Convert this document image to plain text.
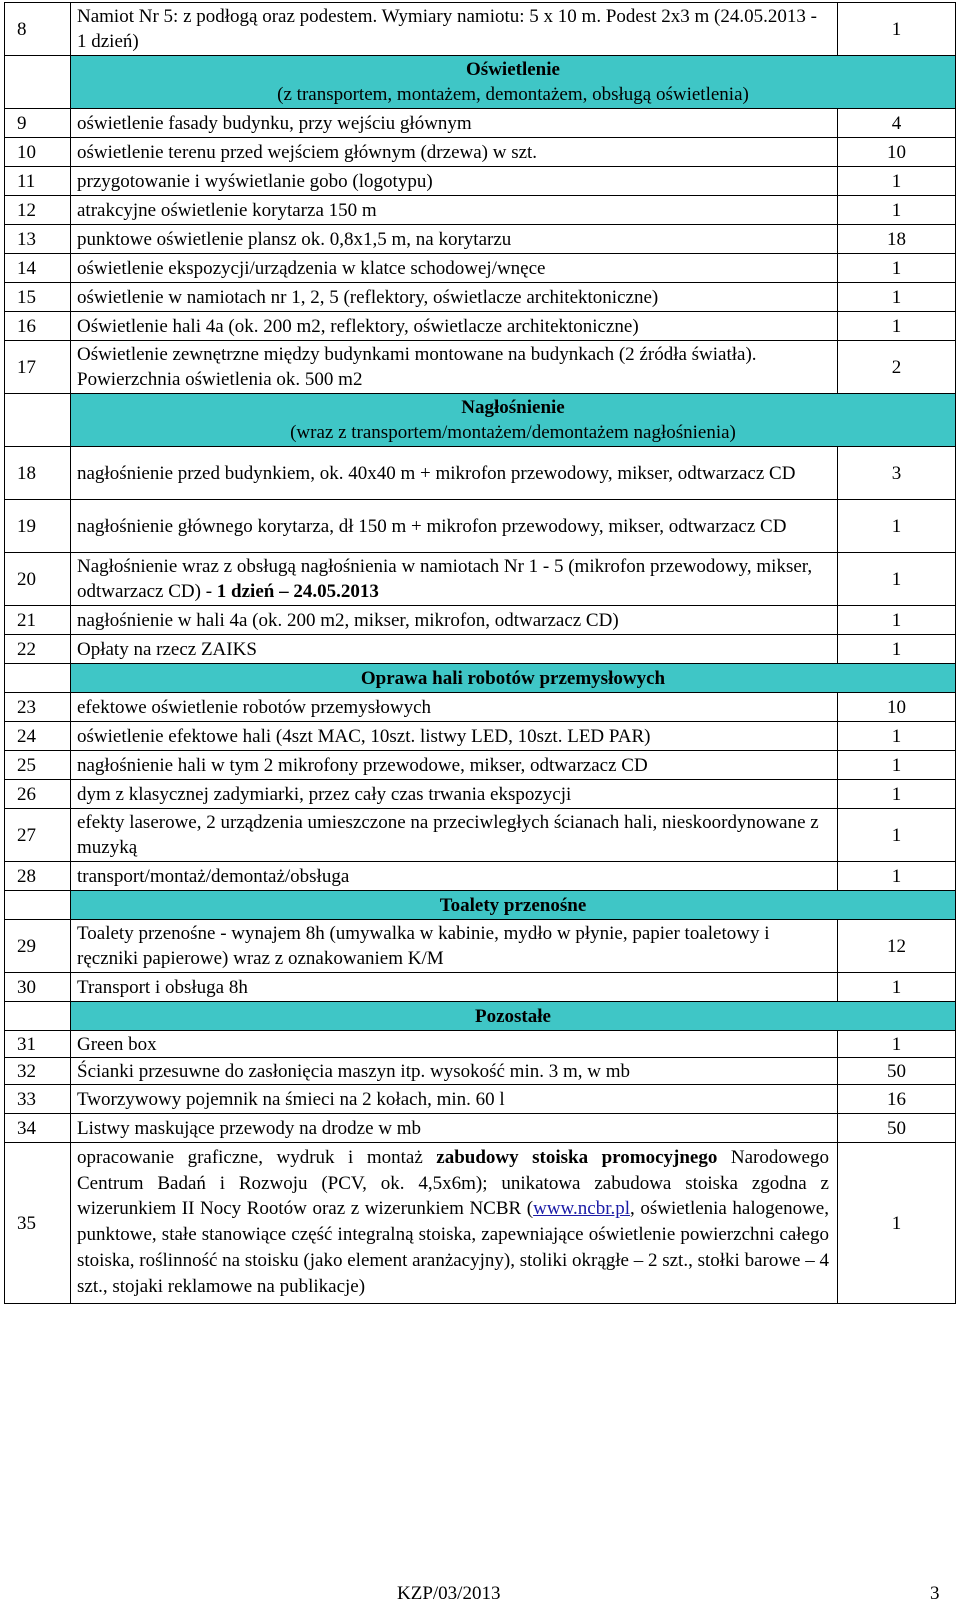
8	Namiot Nr 5: z podłogą oraz podestem. Wymiary namiotu: 5 x 10 m. Podest 2x3 m (24.05.2013 - 1 dzień)	1

	Oświetlenie
(z transportem, montażem, demontażem, obsługą oświetlenia)	

9	oświetlenie fasady budynku, przy wejściu głównym	4
10	oświetlenie terenu przed wejściem głównym (drzewa) w szt.	10
11	przygotowanie i wyświetlanie gobo (logotypu)	1
12	atrakcyjne oświetlenie korytarza 150 m	1
13	punktowe oświetlenie plansz ok. 0,8x1,5 m, na korytarzu	18
14	oświetlenie ekspozycji/urządzenia w klatce schodowej/wnęce	1
15	oświetlenie w namiotach nr 1, 2, 5 (reflektory, oświetlacze architektoniczne)	1
16	Oświetlenie hali 4a (ok. 200 m2, reflektory, oświetlacze architektoniczne)	1
17	Oświetlenie zewnętrzne między budynkami montowane na budynkach (2 źródła światła). Powierzchnia oświetlenia ok. 500 m2	2

	Nagłośnienie
(wraz z transportem/montażem/demontażem nagłośnienia)	

18	nagłośnienie przed budynkiem, ok. 40x40 m + mikrofon przewodowy, mikser, odtwarzacz CD	3
19	nagłośnienie głównego korytarza, dł 150 m + mikrofon przewodowy, mikser, odtwarzacz CD	1
20	Nagłośnienie wraz z obsługą nagłośnienia w namiotach Nr 1 - 5 (mikrofon przewodowy, mikser, odtwarzacz CD) - 1 dzień – 24.05.2013	1
21	nagłośnienie w hali 4a (ok. 200 m2, mikser, mikrofon, odtwarzacz CD)	1
22	Opłaty na rzecz ZAIKS	1

	Oprawa hali robotów przemysłowych	

23	efektowe oświetlenie robotów przemysłowych	10
24	oświetlenie efektowe hali (4szt MAC, 10szt. listwy LED, 10szt. LED PAR)	1
25	nagłośnienie hali w tym 2 mikrofony przewodowe, mikser, odtwarzacz CD	1
26	dym z klasycznej zadymiarki, przez cały czas trwania ekspozycji	1
27	efekty laserowe, 2 urządzenia umieszczone na przeciwległych ścianach hali, nieskoordynowane z muzyką	1
28	transport/montaż/demontaż/obsługa	1

	Toalety przenośne	

29	Toalety przenośne - wynajem 8h (umywalka w kabinie, mydło w płynie, papier toaletowy i ręczniki papierowe) wraz z oznakowaniem K/M	12
30	Transport i obsługa 8h	1

	Pozostałe	

31	Green box	1
32	Ścianki przesuwne do zasłonięcia maszyn itp. wysokość min. 3 m, w mb	50
33	Tworzywowy pojemnik na śmieci na 2 kołach, min. 60 l	16
34	Listwy maskujące przewody na drodze w mb	50
35	opracowanie graficzne, wydruk i montaż zabudowy stoiska promocyjnego Narodowego Centrum Badań i Rozwoju (PCV, ok. 4,5x6m); unikatowa zabudowa stoiska zgodna z wizerunkiem II Nocy Rootów oraz z wizerunkiem NCBR (www.ncbr.pl, oświetlenia halogenowe, punktowe, stałe stanowiące część integralną stoiska, zapewniające oświetlenie powierzchni całego stoiska, roślinność na stoisku (jako element aranżacyjny), stoliki okrągłe – 2 szt., stołki barowe – 4 szt., stojaki reklamowe na publikacje)	1
KZP/03/2013	3
